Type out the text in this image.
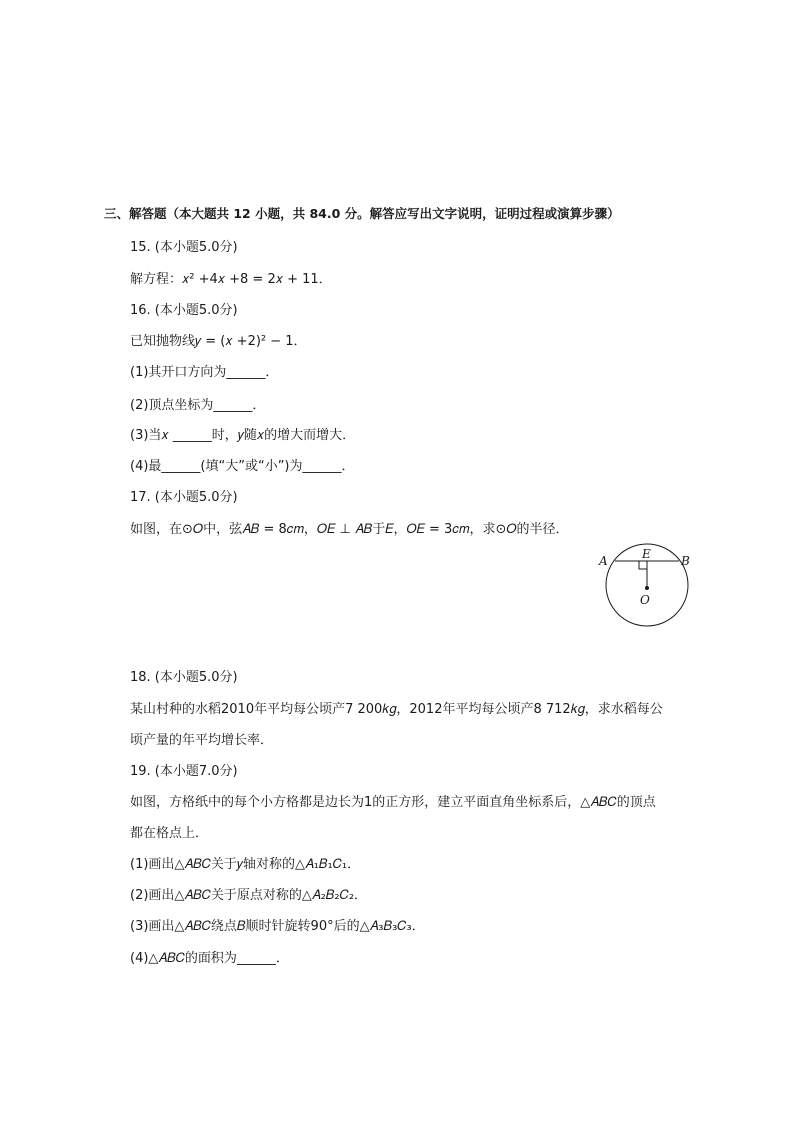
三、解答题（本大题共 12 小题，共 84.0 分。解答应写出文字说明，证明过程或演算步骤）
15. (本小题5.0分)
解方程：𝑥² +4𝑥 +8 = 2𝑥 + 11．
16. (本小题5.0分)
已知抛物线𝑦 = (𝑥 +2)² − 1．
(1)其开口方向为______．
(2)顶点坐标为______．
(3)当𝑥 ______时，𝑦随𝑥的增大而增大．
(4)最______(填“大”或“小”)为______．
17. (本小题5.0分)
如图，在⊙𝑂中，弦𝐴𝐵 = 8𝑐𝑚，𝑂𝐸 ⊥ 𝐴𝐵于𝐸，𝑂𝐸 = 3𝑐𝑚，求⊙𝑂的半径．
A	B
E
O
18. (本小题5.0分)
某山村种的水稻2010年平均每公顷产7 200𝑘𝑔，2012年平均每公顷产8 712𝑘𝑔，求水稻每公
顷产量的年平均增长率．
19. (本小题7.0分)
如图，方格纸中的每个小方格都是边长为1的正方形，建立平面直角坐标系后，△𝐴𝐵𝐶的顶点
都在格点上．
(1)画出△𝐴𝐵𝐶关于𝑦轴对称的△𝐴₁𝐵₁𝐶₁．
(2)画出△𝐴𝐵𝐶关于原点对称的△𝐴₂𝐵₂𝐶₂．
(3)画出△𝐴𝐵𝐶绕点𝐵顺时针旋转90°后的△𝐴₃𝐵₃𝐶₃．
(4)△𝐴𝐵𝐶的面积为______．
